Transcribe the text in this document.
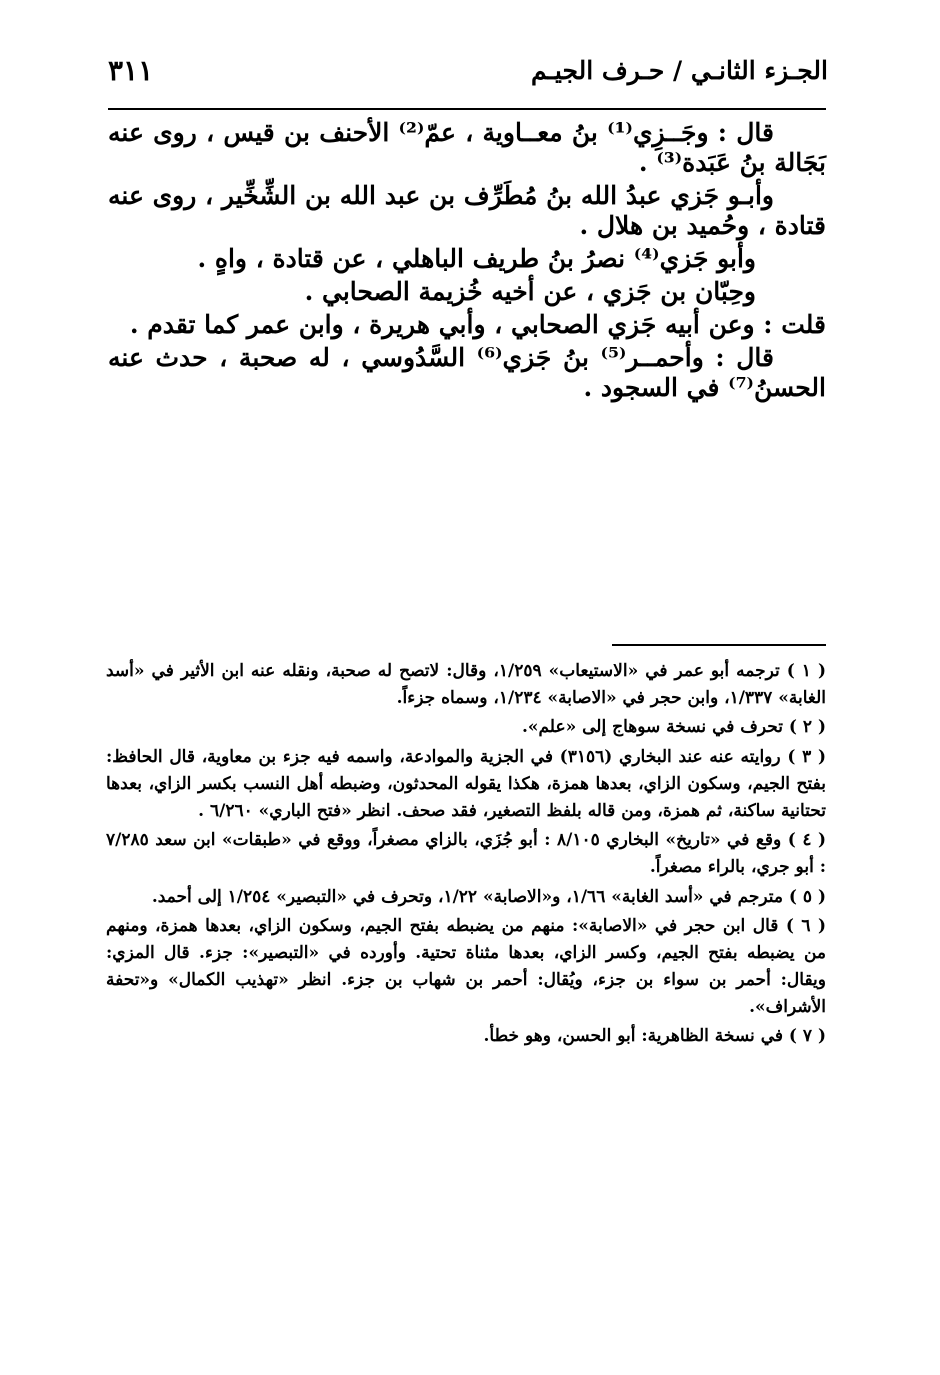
الجـزء الثانـي / حـرف الجيـم
٣١١

قال : وجَــزِي⁽¹⁾ بنُ معــاوية ، عمّ⁽²⁾ الأحنف بن قيس ، روى عنه بَجَالة بنُ عَبَدة⁽³⁾ .

وأبـو جَزي عبدُ الله بنُ مُطَرِّف بن عبد الله بن الشِّخِّير ، روى عنه قتادة ، وحُميد بن هلال .

وأبو جَزي⁽⁴⁾ نصرُ بنُ طريف الباهلي ، عن قتادة ، واهٍ .

وحِبّان بن جَزي ، عن أخيه خُزيمة الصحابي .

قلت : وعن أبيه جَزي الصحابي ، وأبي هريرة ، وابن عمر كما تقدم .

قال : وأحمــر⁽⁵⁾ بنُ جَزي⁽⁶⁾ السَّدُوسي ، له صحبة ، حدث عنه الحسنُ⁽⁷⁾ في السجود .

( ١ ) ترجمه أبو عمر في «الاستيعاب» ١/٢٥٩، وقال: لاتصح له صحبة، ونقله عنه ابن الأثير في «أسد الغابة» ١/٣٣٧، وابن حجر في «الاصابة» ١/٢٣٤، وسماه جزءاً.

( ٢ ) تحرف في نسخة سوهاج إلى «علم».

( ٣ ) روايته عنه عند البخاري (٣١٥٦) في الجزية والموادعة، واسمه فيه جزء بن معاوية، قال الحافظ: بفتح الجيم، وسكون الزاي، بعدها همزة، هكذا يقوله المحدثون، وضبطه أهل النسب بكسر الزاي، بعدها تحتانية ساكنة، ثم همزة، ومن قاله بلفظ التصغير، فقد صحف. انظر «فتح الباري» ٦/٢٦٠ .

( ٤ ) وقع في «تاريخ» البخاري ٨/١٠٥ : أبو جُزَي، بالزاي مصغراً، ووقع في «طبقات» ابن سعد ٧/٢٨٥ : أبو جري، بالراء مصغراً.

( ٥ ) مترجم في «أسد الغابة» ١/٦٦، و«الاصابة» ١/٢٢، وتحرف في «التبصير» ١/٢٥٤ إلى أحمد.

( ٦ ) قال ابن حجر في «الاصابة»: منهم من يضبطه بفتح الجيم، وسكون الزاي، بعدها همزة، ومنهم من يضبطه بفتح الجيم، وكسر الزاي، بعدها مثناة تحتية. وأورده في «التبصير»: جزء. قال المزي: ويقال: أحمر بن سواء بن جزء، ويُقال: أحمر بن شهاب بن جزء. انظر «تهذيب الكمال» و«تحفة الأشراف».

( ٧ ) في نسخة الظاهرية: أبو الحسن، وهو خطأ.
